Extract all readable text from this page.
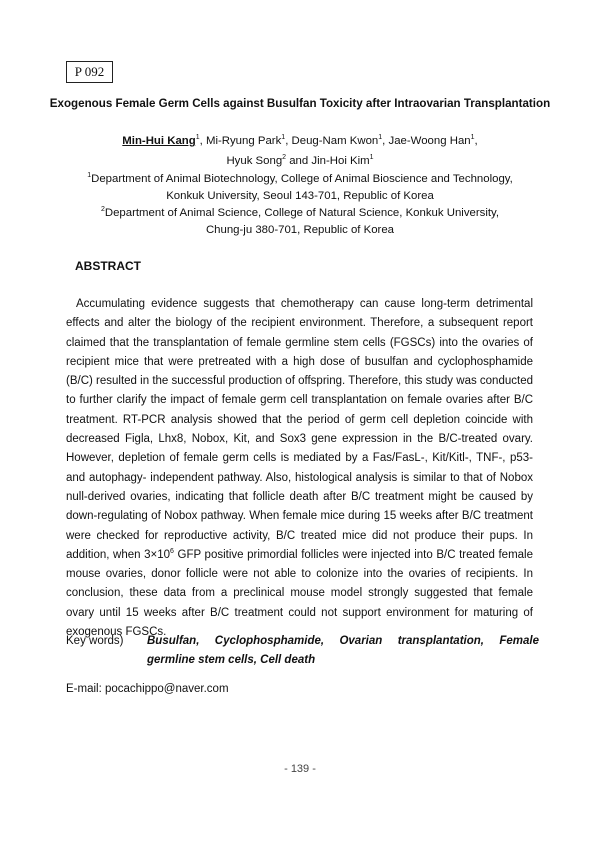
P 092
Exogenous Female Germ Cells against Busulfan Toxicity after Intraovarian Transplantation
Min-Hui Kang$^1$, Mi-Ryung Park$^1$, Deug-Nam Kwon$^1$, Jae-Woong Han$^1$,
Hyuk Song$^2$ and Jin-Hoi Kim$^1$
$^1$Department of Animal Biotechnology, College of Animal Bioscience and Technology,
Konkuk University, Seoul 143-701, Republic of Korea
$^2$Department of Animal Science, College of Natural Science, Konkuk University,
Chung-ju 380-701, Republic of Korea
ABSTRACT

Accumulating evidence suggests that chemotherapy can cause long-term detrimental effects and alter the biology of the recipient environment. Therefore, a subsequent report claimed that the transplantation of female germline stem cells (FGSCs) into the ovaries of recipient mice that were pretreated with a high dose of busulfan and cyclophosphamide (B/C) resulted in the successful production of offspring. Therefore, this study was conducted to further clarify the impact of female germ cell transplantation on female ovaries after B/C treatment. RT-PCR analysis showed that the period of germ cell depletion coincide with decreased Figla, Lhx8, Nobox, Kit, and Sox3 gene expression in the B/C-treated ovary. However, depletion of female germ cells is mediated by a Fas/FasL-, Kit/Kitl-, TNF-, p53- and autophagy- independent pathway. Also, histological analysis is similar to that of Nobox null-derived ovaries, indicating that follicle death after B/C treatment might be caused by down-regulating of Nobox pathway. When female mice during 15 weeks after B/C treatment were checked for reproductive activity, B/C treated mice did not produce their pups. In addition, when $3\times 10^6$ GFP positive primordial follicles were injected into B/C treated female mouse ovaries, donor follicle were not able to colonize into the ovaries of recipients. In conclusion, these data from a preclinical mouse model strongly suggested that female ovary until 15 weeks after B/C treatment could not support environment for maturing of exogenous FGSCs.

Key words) Busulfan, Cyclophosphamide, Ovarian transplantation, Female germline stem cells, Cell death
E-mail: pocachippo@naver.com
- 139 -
